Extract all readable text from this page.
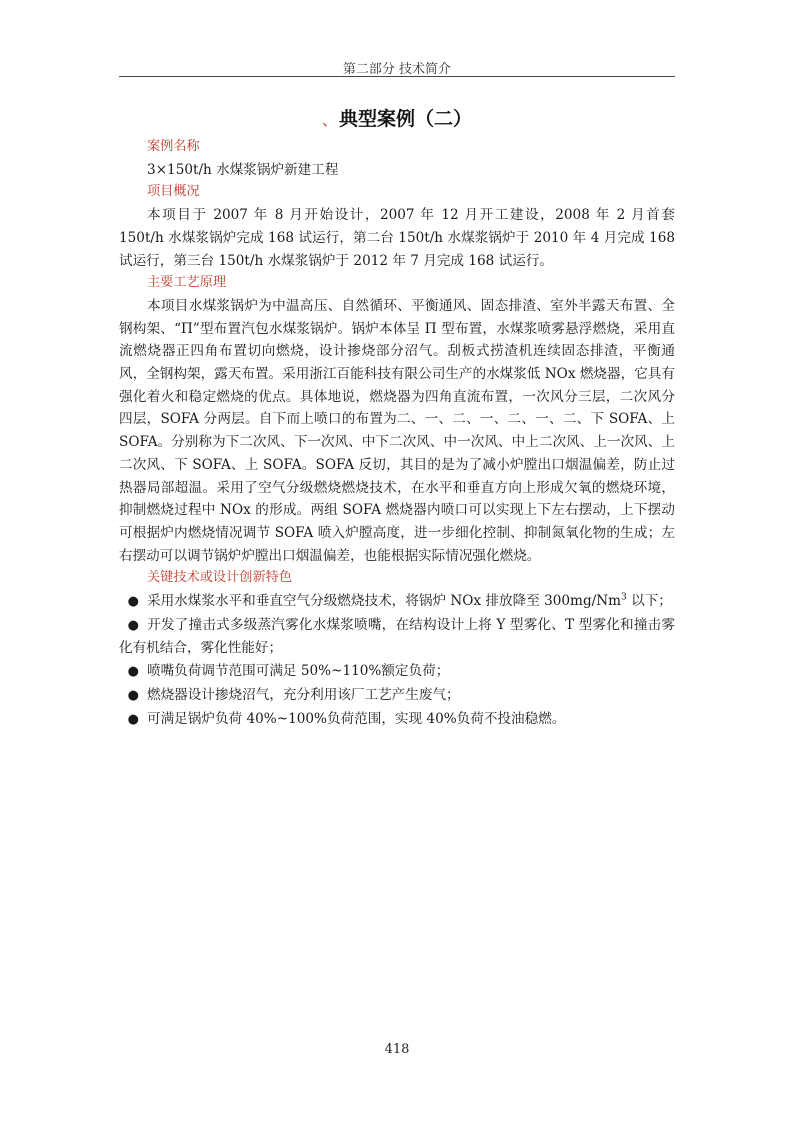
第二部分 技术简介
、 典型案例（二）
案例名称

3×150t/h 水煤浆锅炉新建工程

项目概况

本项目于 2007 年 8 月开始设计，2007 年 12 月开工建设，2008 年 2 月首套 150t/h 水煤浆锅炉完成 168 试运行，第二台 150t/h 水煤浆锅炉于 2010 年 4 月完成 168 试运行，第三台 150t/h 水煤浆锅炉于 2012 年 7 月完成 168 试运行。

主要工艺原理

本项目水煤浆锅炉为中温高压、自然循环、平衡通风、固态排渣、室外半露天布置、全钢构架、“Π”型布置汽包水煤浆锅炉。锅炉本体呈 Π 型布置，水煤浆喷雾悬浮燃烧，采用直流燃烧器正四角布置切向燃烧，设计掺烧部分沼气。刮板式捞渣机连续固态排渣，平衡通风，全钢构架，露天布置。采用浙江百能科技有限公司生产的水煤浆低 NOx 燃烧器，它具有强化着火和稳定燃烧的优点。具体地说，燃烧器为四角直流布置，一次风分三层，二次风分四层，SOFA 分两层。自下而上喷口的布置为二、一、二、一、二、一、二、下 SOFA、上 SOFA。分别称为下二次风、下一次风、中下二次风、中一次风、中上二次风、上一次风、上二次风、下 SOFA、上 SOFA。SOFA 反切，其目的是为了减小炉膛出口烟温偏差，防止过热器局部超温。采用了空气分级燃烧燃烧技术，在水平和垂直方向上形成欠氧的燃烧环境，抑制燃烧过程中 NOx 的形成。两组 SOFA 燃烧器内喷口可以实现上下左右摆动，上下摆动可根据炉内燃烧情况调节 SOFA 喷入炉膛高度，进一步细化控制、抑制氮氧化物的生成；左右摆动可以调节锅炉炉膛出口烟温偏差，也能根据实际情况强化燃烧。

关键技术或设计创新特色
● 采用水煤浆水平和垂直空气分级燃烧技术，将锅炉 NOx 排放降至 300mg/Nm$^3$ 以下；
● 开发了撞击式多级蒸汽雾化水煤浆喷嘴，在结构设计上将 Y 型雾化、T 型雾化和撞击雾化有机结合，雾化性能好；
● 喷嘴负荷调节范围可满足 50%~110%额定负荷；
● 燃烧器设计掺烧沼气，充分利用该厂工艺产生废气；
● 可满足锅炉负荷 40%~100%负荷范围，实现 40%负荷不投油稳燃。
418
